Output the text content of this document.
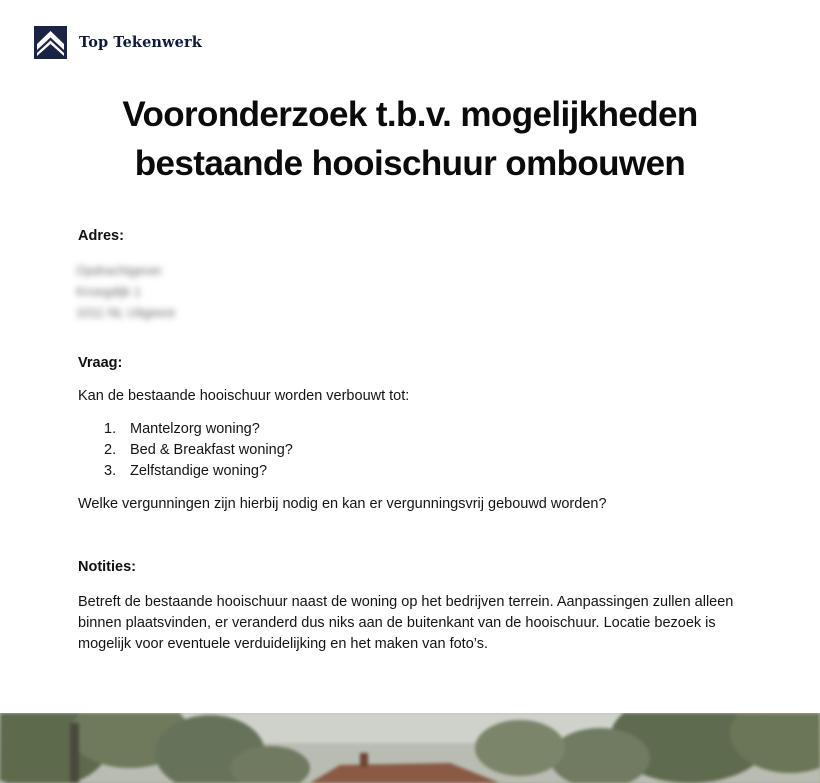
Top Tekenwerk
Vooronderzoek t.b.v. mogelijkheden
bestaande hooischuur ombouwen

Adres:

Opdrachtgever
Kroegdijk 1
1011 NL Uitgeest

Vraag:

Kan de bestaande hooischuur worden verbouwt tot:

1. Mantelzorg woning?
2. Bed & Breakfast woning?
3. Zelfstandige woning?

Welke vergunningen zijn hierbij nodig en kan er vergunningsvrij gebouwd worden?

Notities:

Betreft de bestaande hooischuur naast de woning op het bedrijven terrein. Aanpassingen zullen alleen binnen plaatsvinden, er veranderd dus niks aan de buitenkant van de hooischuur. Locatie bezoek is mogelijk voor eventuele verduidelijking en het maken van foto’s.
